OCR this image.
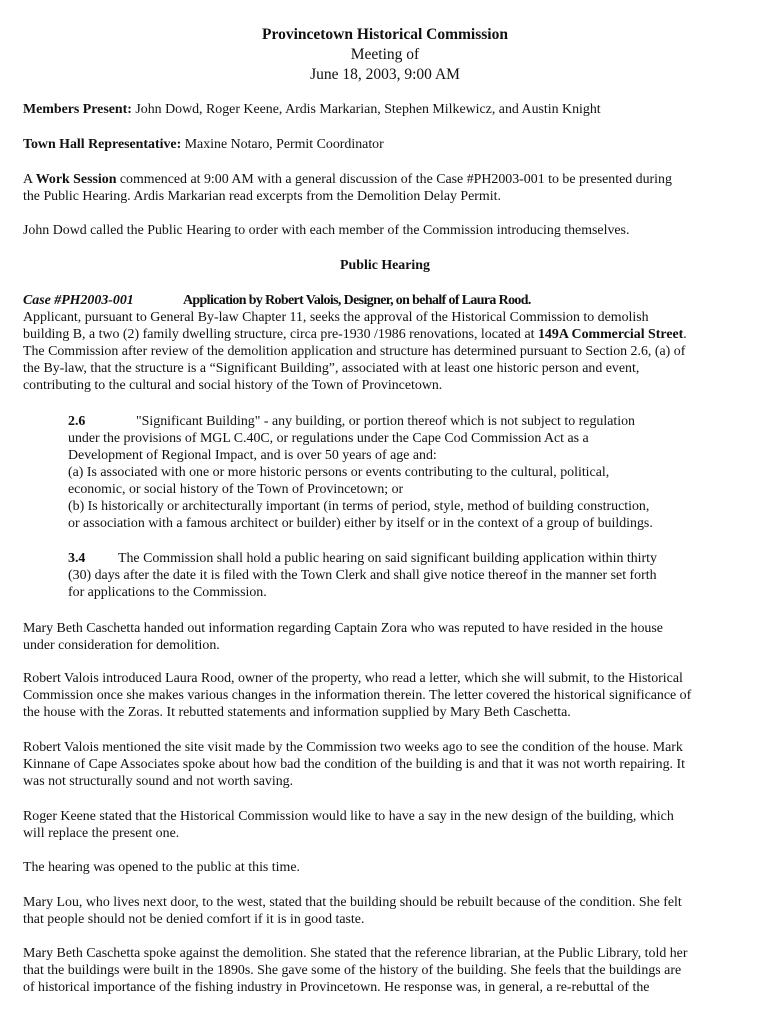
Provincetown Historical Commission
Meeting of
June 18, 2003, 9:00 AM

Members Present: John Dowd, Roger Keene, Ardis Markarian, Stephen Milkewicz, and Austin Knight

Town Hall Representative: Maxine Notaro, Permit Coordinator

A Work Session commenced at 9:00 AM with a general discussion of the Case #PH2003-001 to be presented during
the Public Hearing. Ardis Markarian read excerpts from the Demolition Delay Permit.

John Dowd called the Public Hearing to order with each member of the Commission introducing themselves.

Public Hearing

Case #PH2003-001	Application by Robert Valois, Designer, on behalf of Laura Rood.
Applicant, pursuant to General By-law Chapter 11, seeks the approval of the Historical Commission to demolish
building B, a two (2) family dwelling structure, circa pre-1930 /1986 renovations, located at 149A Commercial Street.
The Commission after review of the demolition application and structure has determined pursuant to Section 2.6, (a) of
the By-law, that the structure is a “Significant Building”, associated with at least one historic person and event,
contributing to the cultural and social history of the Town of Provincetown.

2.6	"Significant Building" - any building, or portion thereof which is not subject to regulation
under the provisions of MGL C.40C, or regulations under the Cape Cod Commission Act as a
Development of Regional Impact, and is over 50 years of age and:
(a) Is associated with one or more historic persons or events contributing to the cultural, political,
economic, or social history of the Town of Provincetown; or
(b) Is historically or architecturally important (in terms of period, style, method of building construction,
or association with a famous architect or builder) either by itself or in the context of a group of buildings.

3.4 The Commission shall hold a public hearing on said significant building application within thirty
(30) days after the date it is filed with the Town Clerk and shall give notice thereof in the manner set forth
for applications to the Commission.

Mary Beth Caschetta handed out information regarding Captain Zora who was reputed to have resided in the house
under consideration for demolition.

Robert Valois introduced Laura Rood, owner of the property, who read a letter, which she will submit, to the Historical
Commission once she makes various changes in the information therein. The letter covered the historical significance of
the house with the Zoras. It rebutted statements and information supplied by Mary Beth Caschetta.

Robert Valois mentioned the site visit made by the Commission two weeks ago to see the condition of the house. Mark
Kinnane of Cape Associates spoke about how bad the condition of the building is and that it was not worth repairing. It
was not structurally sound and not worth saving.

Roger Keene stated that the Historical Commission would like to have a say in the new design of the building, which
will replace the present one.

The hearing was opened to the public at this time.

Mary Lou, who lives next door, to the west, stated that the building should be rebuilt because of the condition. She felt
that people should not be denied comfort if it is in good taste.

Mary Beth Caschetta spoke against the demolition. She stated that the reference librarian, at the Public Library, told her
that the buildings were built in the 1890s. She gave some of the history of the building. She feels that the buildings are
of historical importance of the fishing industry in Provincetown. He response was, in general, a re-rebuttal of the
